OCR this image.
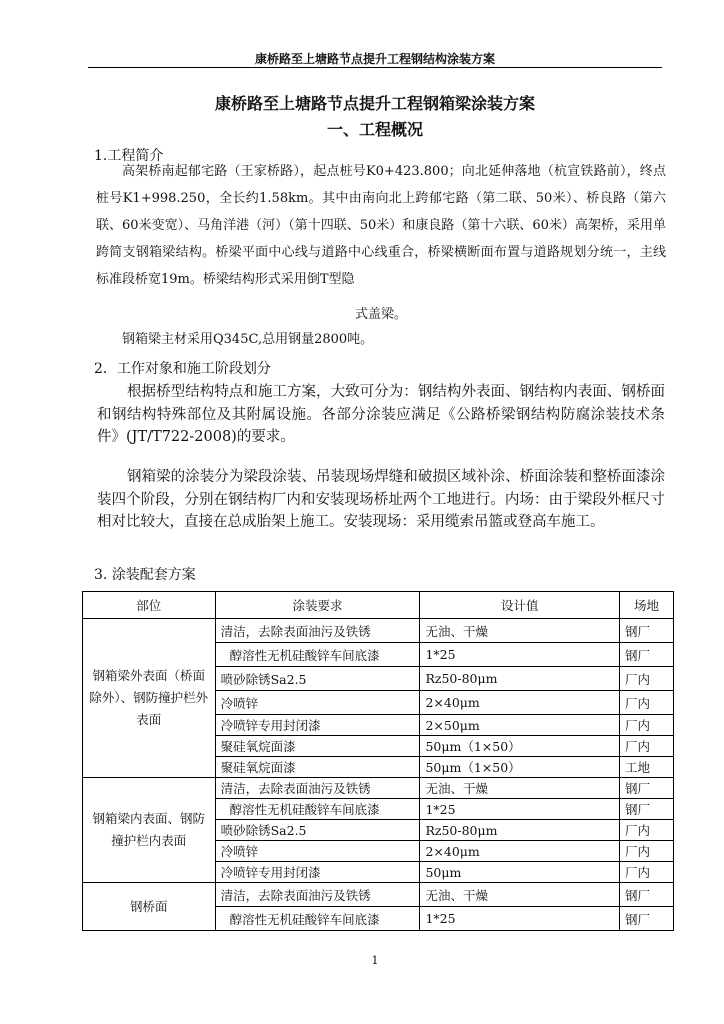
康桥路至上塘路节点提升工程钢结构涂装方案
康桥路至上塘路节点提升工程钢箱梁涂装方案
一、工程概况
1.工程简介
高架桥南起郁宅路（王家桥路），起点桩号K0+423.800；向北延伸落地（杭宣铁路前），终点桩号K1+998.250，全长约1.58km。其中由南向北上跨郁宅路（第二联、50米）、桥良路（第六联、60米变宽）、马角洋港（河）（第十四联、50米）和康良路（第十六联、60米）高架桥，采用单跨简支钢箱梁结构。桥梁平面中心线与道路中心线重合，桥梁横断面布置与道路规划分统一，主线标准段桥宽19m。桥梁结构形式采用倒T型隐
式盖梁。
钢箱梁主材采用Q345C,总用钢量2800吨。
2．工作对象和施工阶段划分
根据桥型结构特点和施工方案，大致可分为：钢结构外表面、钢结构内表面、钢桥面和钢结构特殊部位及其附属设施。各部分涂装应满足《公路桥梁钢结构防腐涂装技术条件》(JT/T722-2008)的要求。
钢箱梁的涂装分为梁段涂装、吊装现场焊缝和破损区域补涂、桥面涂装和整桥面漆涂装四个阶段，分别在钢结构厂内和安装现场桥址两个工地进行。内场：由于梁段外框尺寸相对比较大，直接在总成胎架上施工。安装现场：采用缆索吊篮或登高车施工。
3. 涂装配套方案
部位	涂装要求	设计值	场地
钢箱梁外表面（桥面除外）、钢防撞护栏外表面	清洁，去除表面油污及铁锈	无油、干燥	钢厂
	醇溶性无机硅酸锌车间底漆	1*25	钢厂
	喷砂除锈Sa2.5	Rz50-80μm	厂内
	冷喷锌	2×40μm	厂内
	冷喷锌专用封闭漆	2×50μm	厂内
	聚硅氧烷面漆	50μm（1×50）	厂内
	聚硅氧烷面漆	50μm（1×50）	工地
钢箱梁内表面、钢防撞护栏内表面	清洁，去除表面油污及铁锈	无油、干燥	钢厂
	醇溶性无机硅酸锌车间底漆	1*25	钢厂
	喷砂除锈Sa2.5	Rz50-80μm	厂内
	冷喷锌	2×40μm	厂内
	冷喷锌专用封闭漆	50μm	厂内
钢桥面	清洁，去除表面油污及铁锈	无油、干燥	钢厂
	醇溶性无机硅酸锌车间底漆	1*25	钢厂
1
